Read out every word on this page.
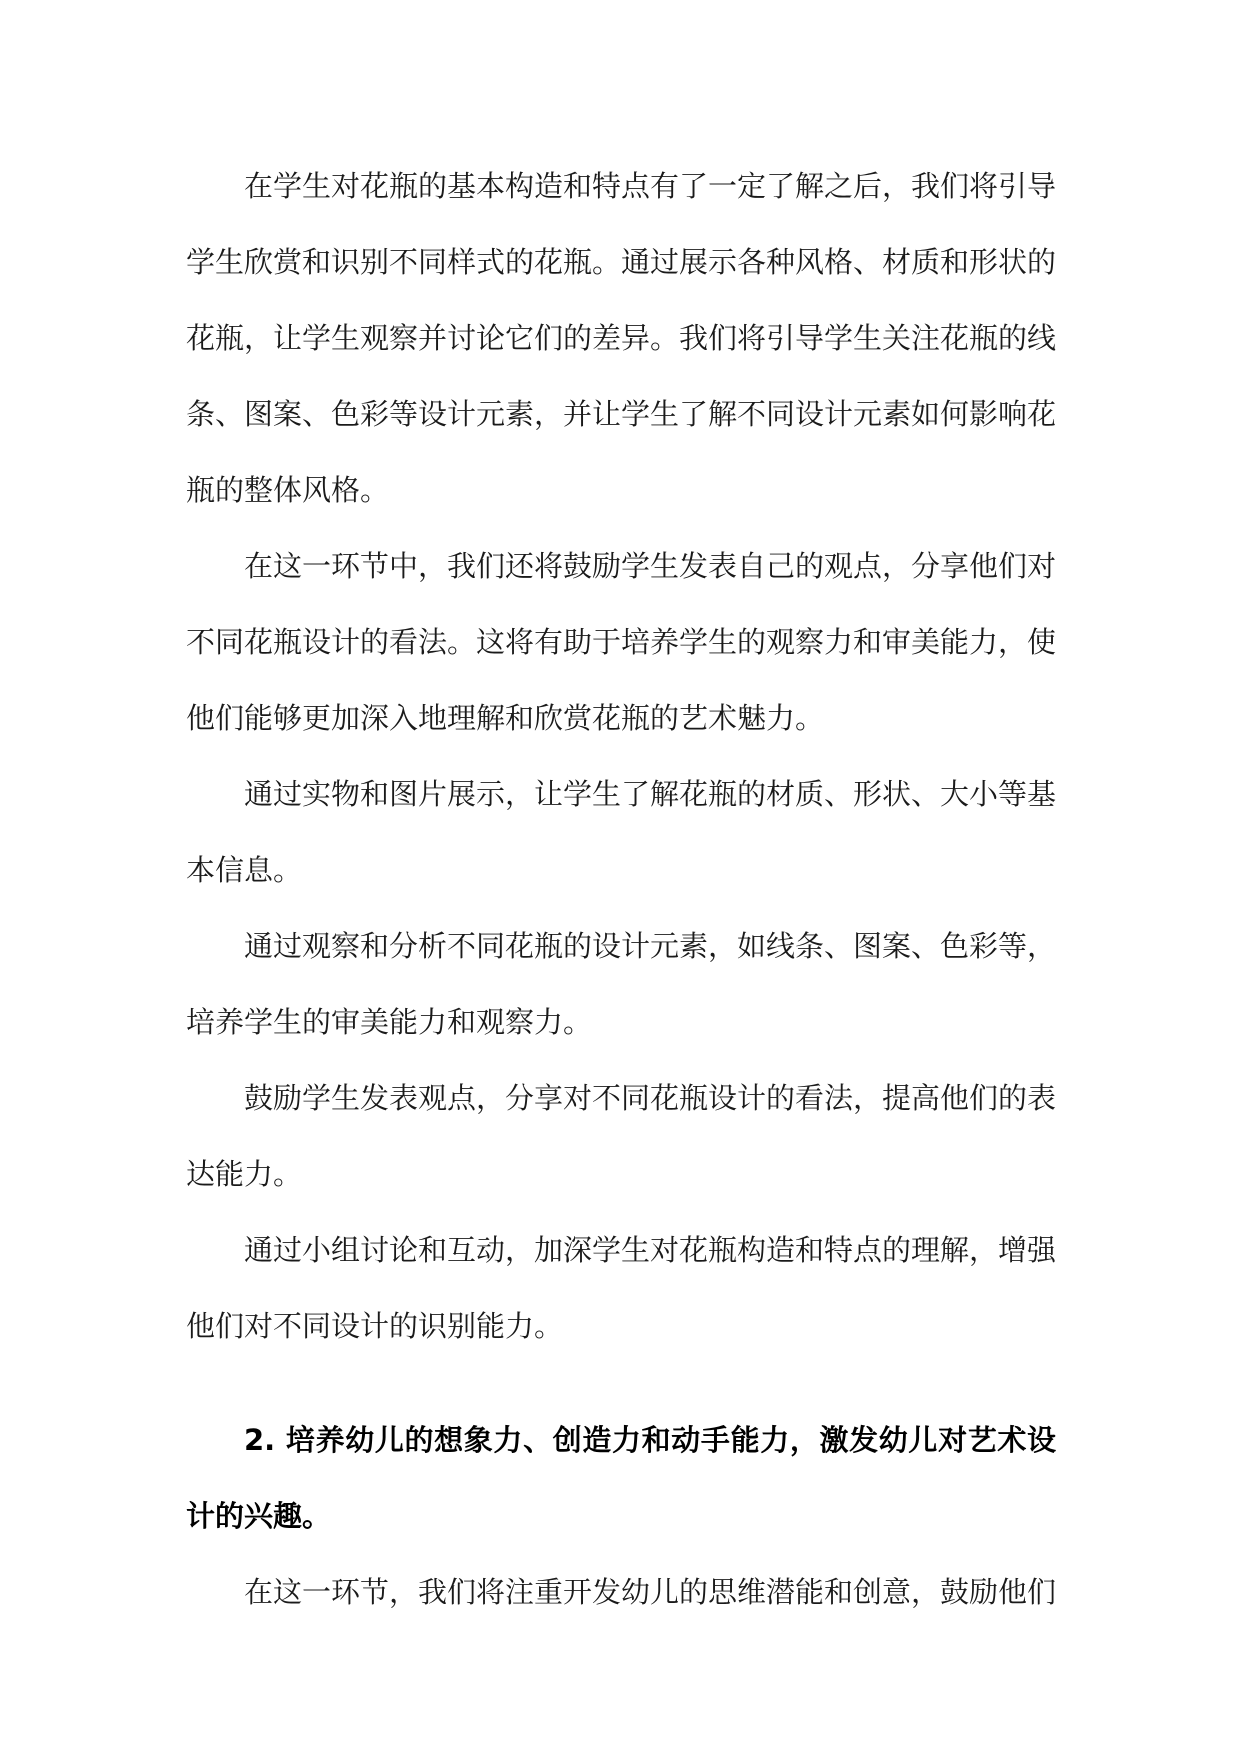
在学生对花瓶的基本构造和特点有了一定了解之后，我们将引导学生欣赏和识别不同样式的花瓶。通过展示各种风格、材质和形状的花瓶，让学生观察并讨论它们的差异。我们将引导学生关注花瓶的线条、图案、色彩等设计元素，并让学生了解不同设计元素如何影响花瓶的整体风格。

在这一环节中，我们还将鼓励学生发表自己的观点，分享他们对不同花瓶设计的看法。这将有助于培养学生的观察力和审美能力，使他们能够更加深入地理解和欣赏花瓶的艺术魅力。

通过实物和图片展示，让学生了解花瓶的材质、形状、大小等基本信息。

通过观察和分析不同花瓶的设计元素，如线条、图案、色彩等，培养学生的审美能力和观察力。

鼓励学生发表观点，分享对不同花瓶设计的看法，提高他们的表达能力。

通过小组讨论和互动，加深学生对花瓶构造和特点的理解，增强他们对不同设计的识别能力。

2. 培养幼儿的想象力、创造力和动手能力，激发幼儿对艺术设计的兴趣。

在这一环节，我们将注重开发幼儿的思维潜能和创意，鼓励他们
